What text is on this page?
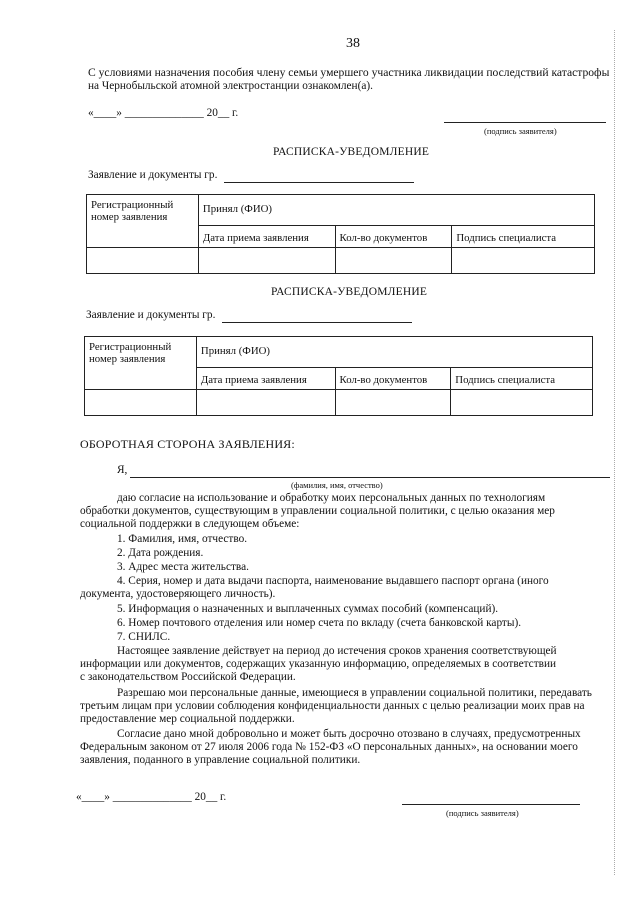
38
С условиями назначения пособия члену семьи умершего участника ликвидации последствий катастрофы
на Чернобыльской атомной электростанции ознакомлен(а).
«____» ______________ 20__ г.
(подпись заявителя)
РАСПИСКА-УВЕДОМЛЕНИЕ
Заявление и документы гр.
Регистрационный
номер заявления	Принял (ФИО)		
	Дата приема заявления	Кол-во документов	Подпись специалиста

РАСПИСКА-УВЕДОМЛЕНИЕ
Заявление и документы гр.
Регистрационный
номер заявления	Принял (ФИО)		
	Дата приема заявления	Кол-во документов	Подпись специалиста

ОБОРОТНАЯ СТОРОНА ЗАЯВЛЕНИЯ:
Я,
(фамилия, имя, отчество)
даю согласие на использование и обработку моих персональных данных по технологиям
обработки документов, существующим в управлении социальной политики, с целью оказания мер
социальной поддержки в следующем объеме:
1. Фамилия, имя, отчество.
2. Дата рождения.
3. Адрес места жительства.
4. Серия, номер и дата выдачи паспорта, наименование выдавшего паспорт органа (иного
документа, удостоверяющего личность).
5. Информация о назначенных и выплаченных суммах пособий (компенсаций).
6. Номер почтового отделения или номер счета по вкладу (счета банковской карты).
7. СНИЛС.
Настоящее заявление действует на период до истечения сроков хранения соответствующей
информации или документов, содержащих указанную информацию, определяемых в соответствии
с законодательством Российской Федерации.
Разрешаю мои персональные данные, имеющиеся в управлении социальной политики, передавать
третьим лицам при условии соблюдения конфиденциальности данных с целью реализации моих прав на
предоставление мер социальной поддержки.
Согласие дано мной добровольно и может быть досрочно отозвано в случаях, предусмотренных
Федеральным законом от 27 июля 2006 года № 152-ФЗ «О персональных данных», на основании моего
заявления, поданного в управление социальной политики.
«____» ______________ 20__ г.
(подпись заявителя)
